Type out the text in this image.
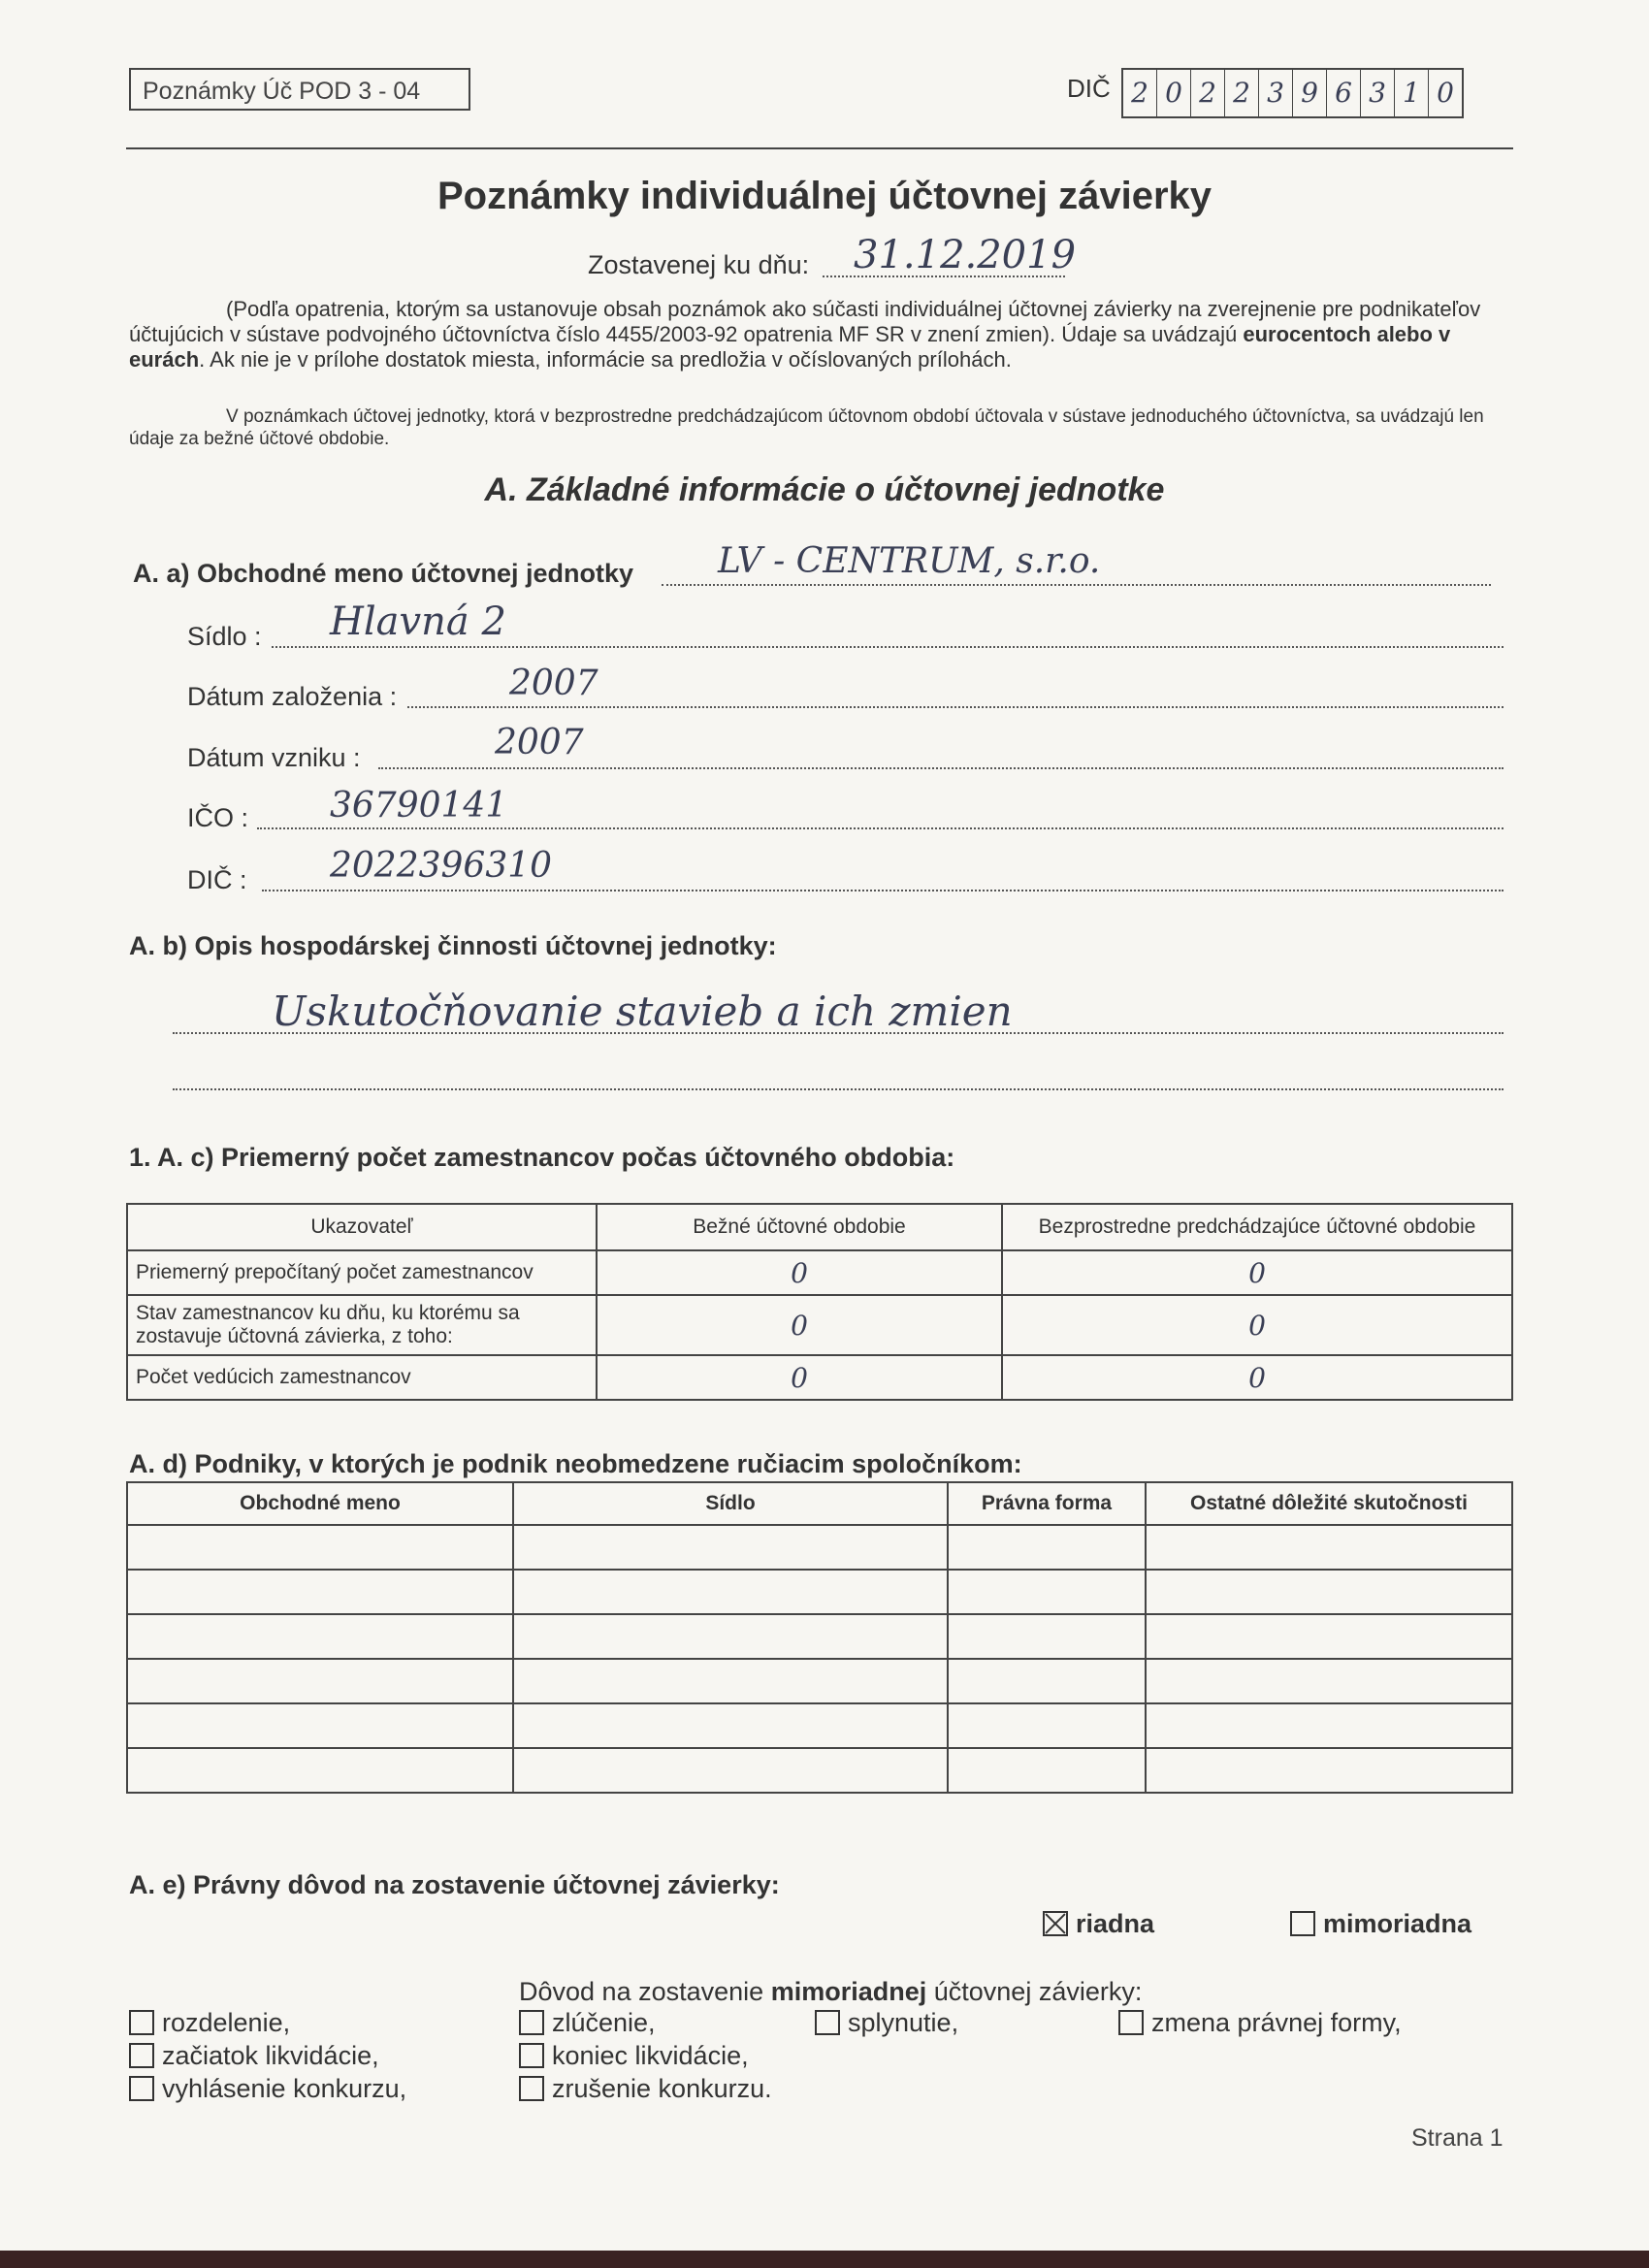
Poznámky Úč POD 3 - 04	DIČ 2 0 2 2 3 9 6 3 1 0
Poznámky individuálnej účtovnej závierky
Zostavenej ku dňu: 31.12.2019
(Podľa opatrenia, ktorým sa ustanovuje obsah poznámok ako súčasti individuálnej účtovnej závierky na zverejnenie pre podnikateľov účtujúcich v sústave podvojného účtovníctva číslo 4455/2003-92 opatrenia MF SR v znení zmien). Údaje sa uvádzajú eurocentoch alebo v eurách. Ak nie je v prílohe dostatok miesta, informácie sa predložia v očíslovaných prílohách.
V poznámkach účtovej jednotky, ktorá v bezprostredne predchádzajúcom účtovnom období účtovala v sústave jednoduchého účtovníctva, sa uvádzajú len údaje za bežné účtové obdobie.
A. Základné informácie o účtovnej jednotke
A. a) Obchodné meno účtovnej jednotky LV - CENTRUM, s.r.o.
Sídlo : Hlavná 2
Dátum založenia :	2007
Dátum vzniku :	2007
IČO : 36790141
DIČ : 2022396310
A. b) Opis hospodárskej činnosti účtovnej jednotky:
Uskutočňovanie stavieb a ich zmien
1. A. c) Priemerný počet zamestnancov počas účtovného obdobia:
Ukazovateľ	Bežné účtovné obdobie	Bezprostredne predchádzajúce účtovné obdobie
Priemerný prepočítaný počet zamestnancov	0	0
Stav zamestnancov ku dňu, ku ktorému sa zostavuje účtovná závierka, z toho:	0	0
Počet vedúcich zamestnancov	0	0
A. d) Podniky, v ktorých je podnik neobmedzene ručiacim spoločníkom:
Obchodné meno	Sídlo	Právna forma	Ostatné dôležité skutočnosti

A. e) Právny dôvod na zostavenie účtovnej závierky:
riadna	mimoriadna
Dôvod na zostavenie mimoriadnej účtovnej závierky:
rozdelenie,
začiatok likvidácie,
vyhlásenie konkurzu,
zlúčenie,
koniec likvidácie,
zrušenie konkurzu.
splynutie,	zmena právnej formy,
Strana 1
